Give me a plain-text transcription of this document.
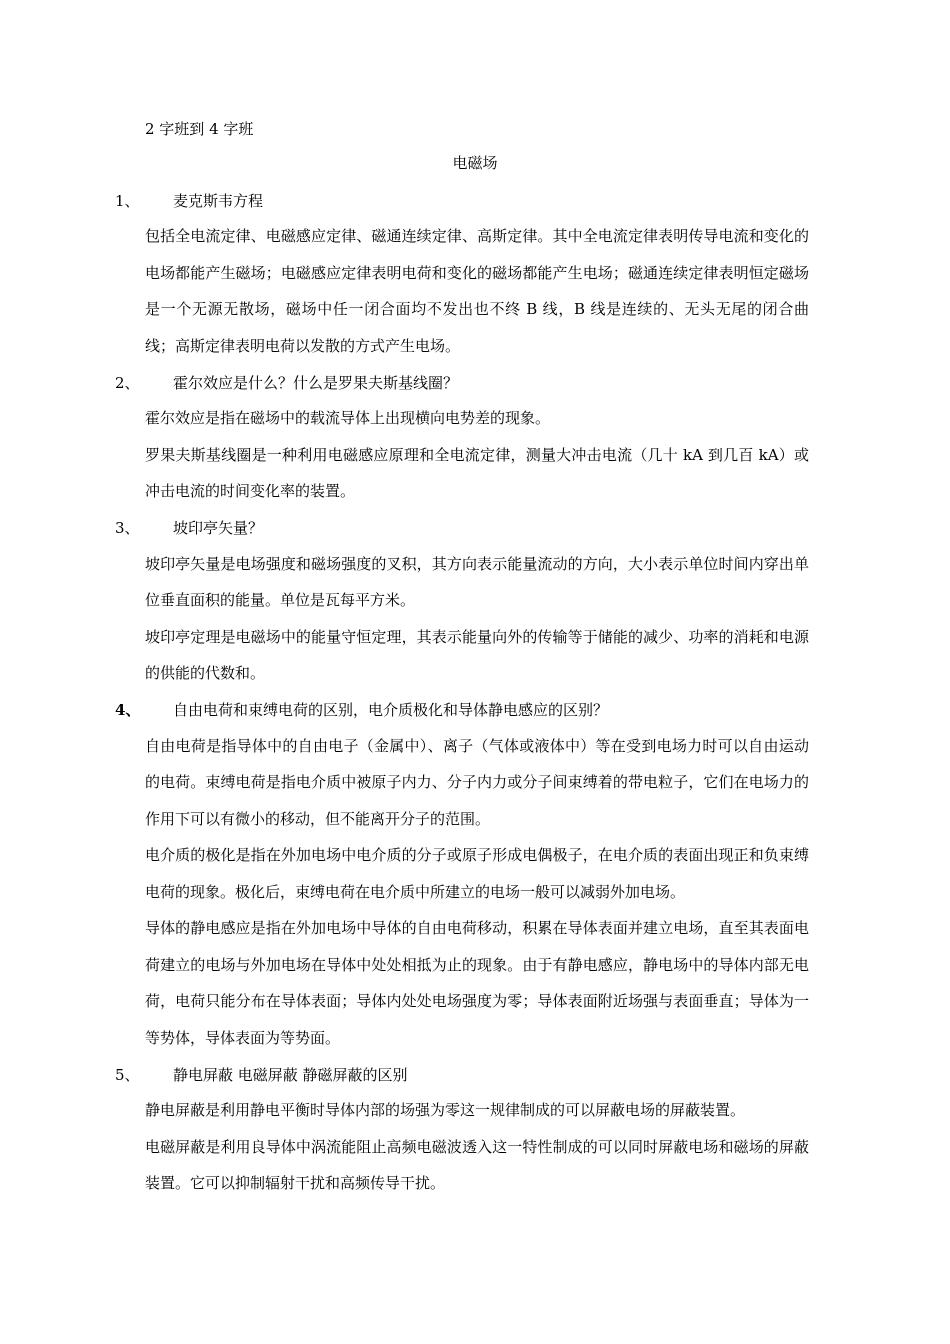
2 字班到 4 字班
电磁场
1、	麦克斯韦方程
包括全电流定律、电磁感应定律、磁通连续定律、高斯定律。其中全电流定律表明传导电流和变化的电场都能产生磁场；电磁感应定律表明电荷和变化的磁场都能产生电场；磁通连续定律表明恒定磁场是一个无源无散场，磁场中任一闭合面均不发出也不终 B 线，B 线是连续的、无头无尾的闭合曲线；高斯定律表明电荷以发散的方式产生电场。
2、	霍尔效应是什么？什么是罗果夫斯基线圈？
霍尔效应是指在磁场中的载流导体上出现横向电势差的现象。
罗果夫斯基线圈是一种利用电磁感应原理和全电流定律，测量大冲击电流（几十 kA 到几百 kA）或冲击电流的时间变化率的装置。
3、	坡印亭矢量？
坡印亭矢量是电场强度和磁场强度的叉积，其方向表示能量流动的方向，大小表示单位时间内穿出单位垂直面积的能量。单位是瓦每平方米。
坡印亭定理是电磁场中的能量守恒定理，其表示能量向外的传输等于储能的减少、功率的消耗和电源的供能的代数和。
4、	自由电荷和束缚电荷的区别，电介质极化和导体静电感应的区别？
自由电荷是指导体中的自由电子（金属中）、离子（气体或液体中）等在受到电场力时可以自由运动的电荷。束缚电荷是指电介质中被原子内力、分子内力或分子间束缚着的带电粒子，它们在电场力的作用下可以有微小的移动，但不能离开分子的范围。
电介质的极化是指在外加电场中电介质的分子或原子形成电偶极子，在电介质的表面出现正和负束缚电荷的现象。极化后，束缚电荷在电介质中所建立的电场一般可以减弱外加电场。
导体的静电感应是指在外加电场中导体的自由电荷移动，积累在导体表面并建立电场，直至其表面电荷建立的电场与外加电场在导体中处处相抵为止的现象。由于有静电感应，静电场中的导体内部无电荷，电荷只能分布在导体表面；导体内处处电场强度为零；导体表面附近场强与表面垂直；导体为一等势体，导体表面为等势面。
5、	静电屏蔽 电磁屏蔽 静磁屏蔽的区别
静电屏蔽是利用静电平衡时导体内部的场强为零这一规律制成的可以屏蔽电场的屏蔽装置。
电磁屏蔽是利用良导体中涡流能阻止高频电磁波透入这一特性制成的可以同时屏蔽电场和磁场的屏蔽装置。它可以抑制辐射干扰和高频传导干扰。
